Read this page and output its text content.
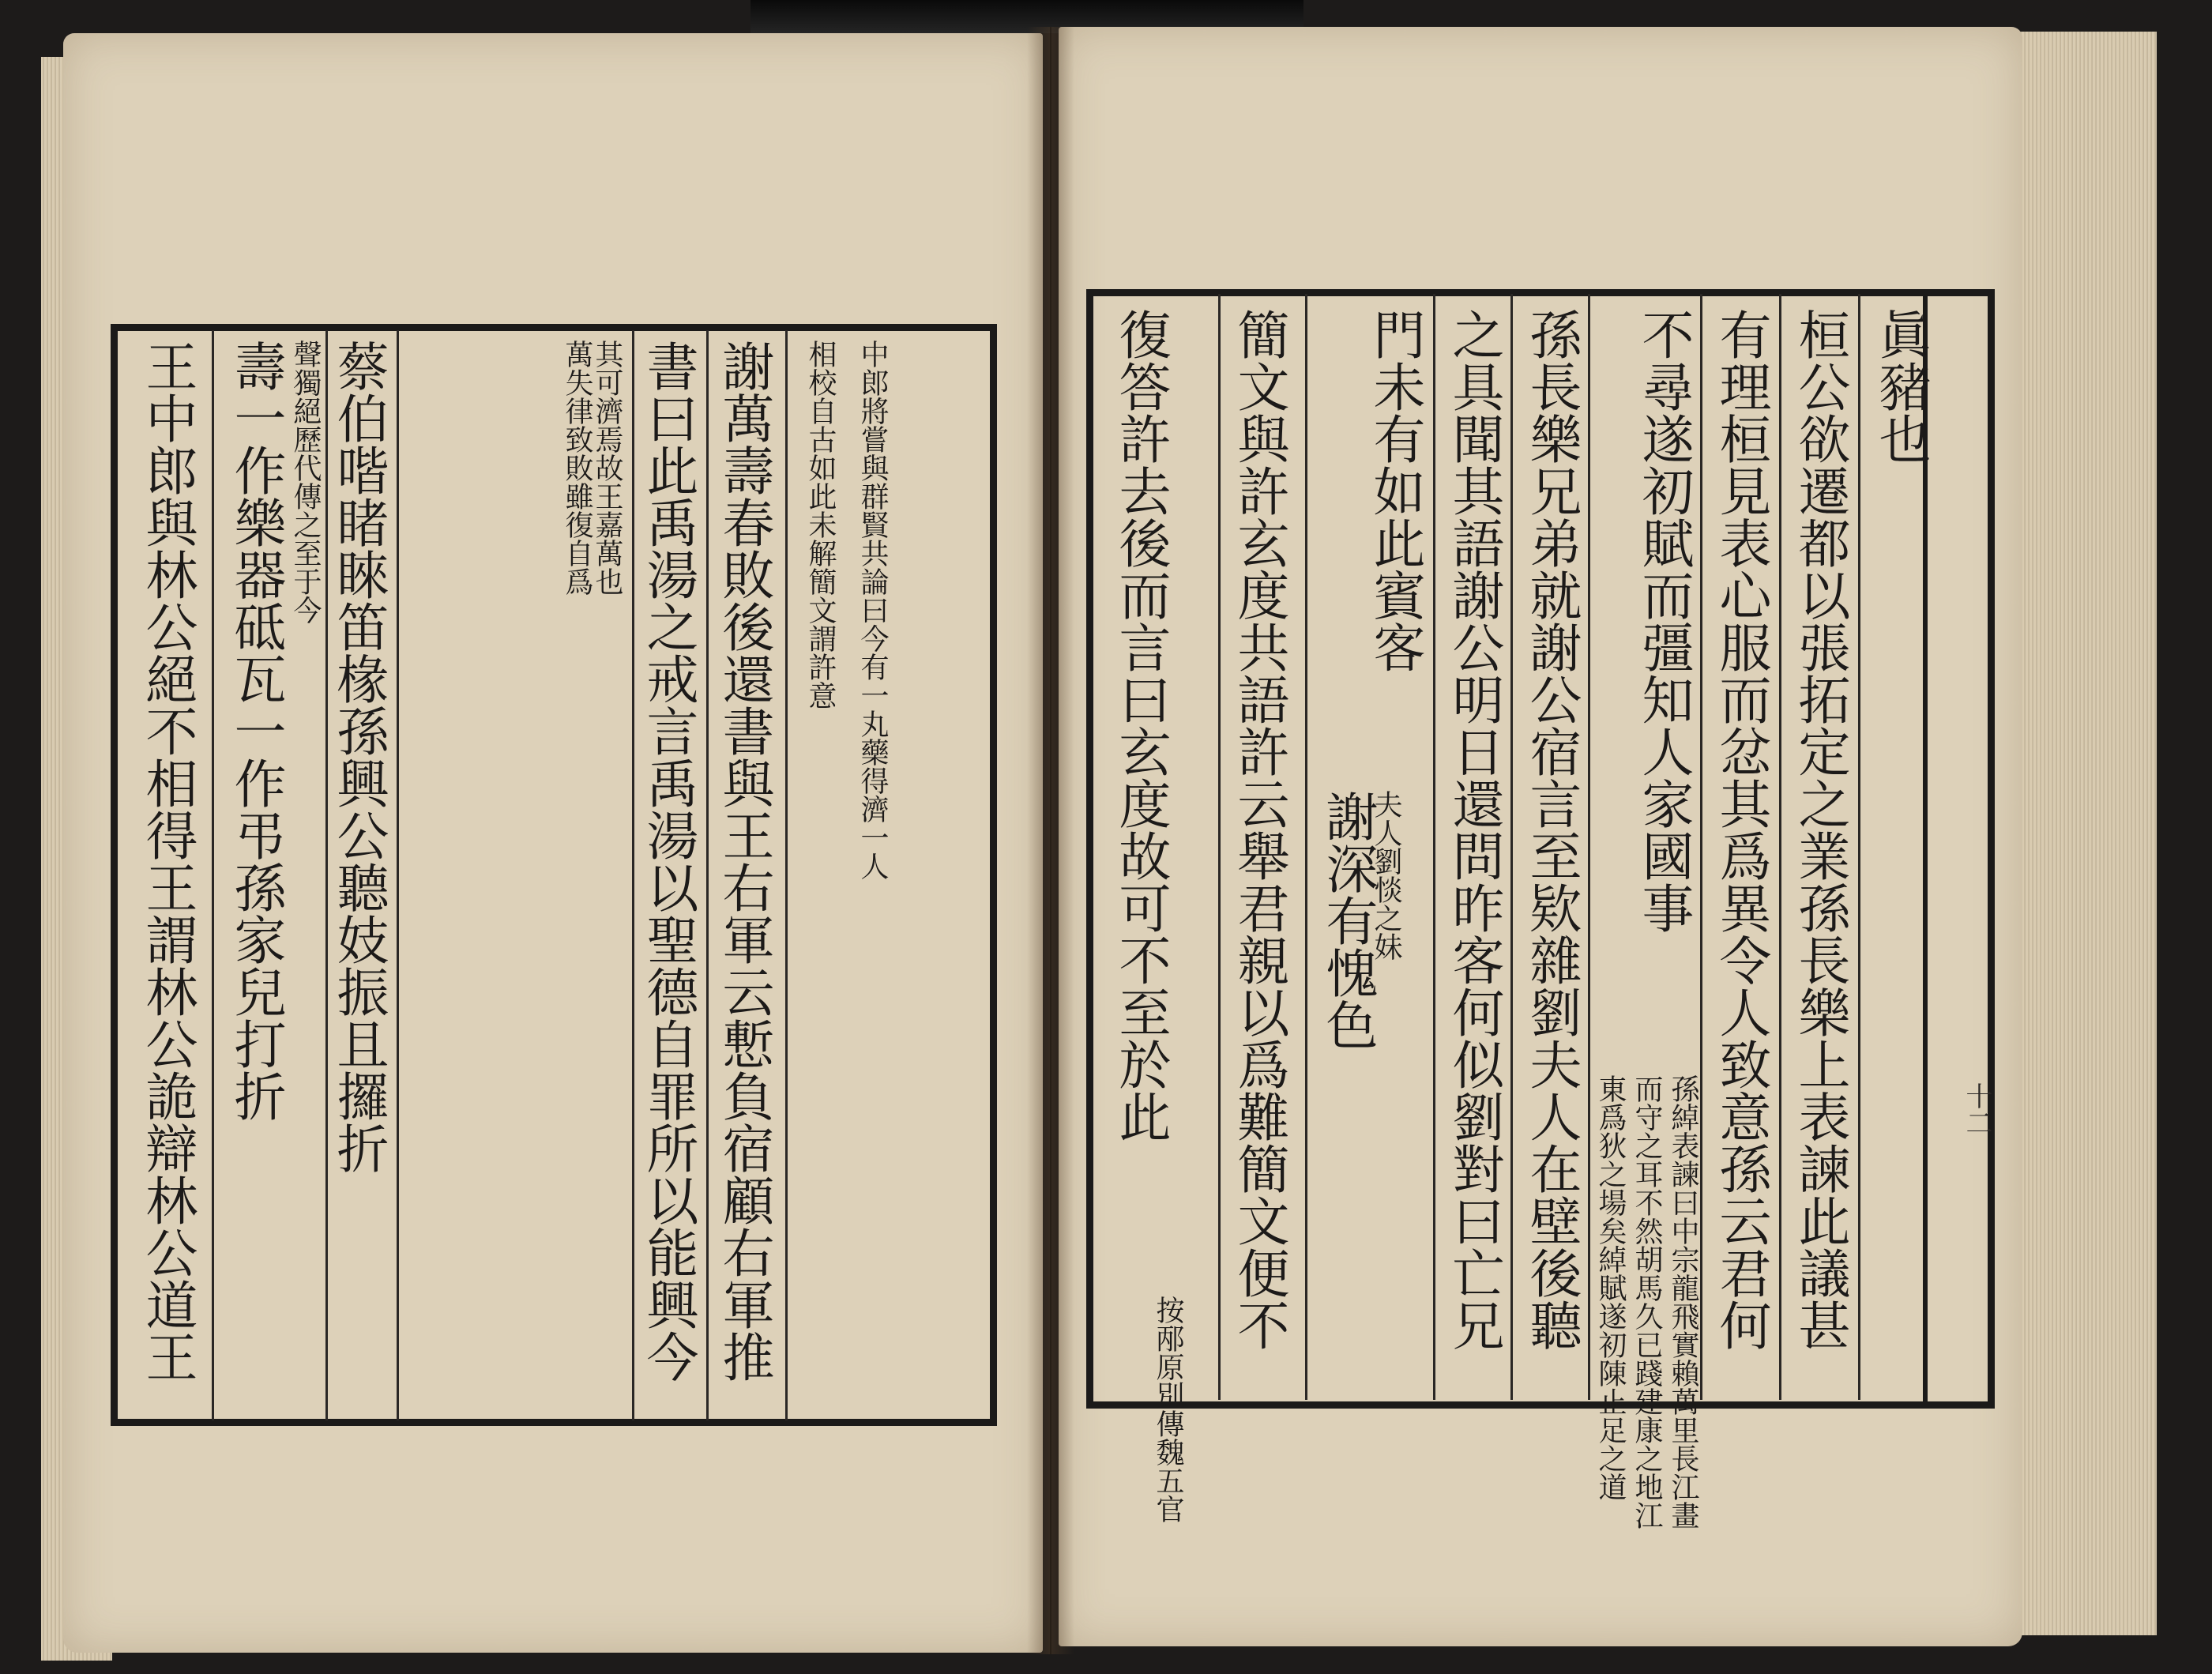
王中郎與林公絕不相得王謂林公詭辯林公道王 壽一作樂器砥瓦一作弔孫家兒打折 聲獨絕歷代傳之至于今 蔡伯喈睹睞笛椽孫興公聽妓振且攞折	萬失律致敗雖復自爲
其可濟焉故王嘉萬也 書曰此禹湯之戒言禹湯以聖德自罪所以能興今 謝萬壽春敗後還書與王右軍云慙負宿顧右軍推 相校自古如此未解簡文謂許意 中郎將嘗與群賢共論曰今有一丸藥得濟一人	眞豬也
桓公欲遷都以張拓定之業孫長樂上表諫此議甚
有理桓見表心服而忿其爲異令人致意孫云君何
不尋遂初賦而彊知人家國事
孫綽表諫曰中宗龍飛實賴萬里長江畫
而守之耳不然胡馬久已踐建康之地江
東爲狄之場矣綽賦遂初陳止足之道
孫長樂兄弟就謝公宿言至欵雜劉夫人在壁後聽
之具聞其語謝公明日還問昨客何似劉對曰亡兄
門未有如此賓客
夫人劉惔之妹
謝深有愧色
簡文與許玄度共語許云舉君親以爲難簡文便不
復答許去後而言曰玄度故可不至於此
按邴原別傳魏五官
十二
